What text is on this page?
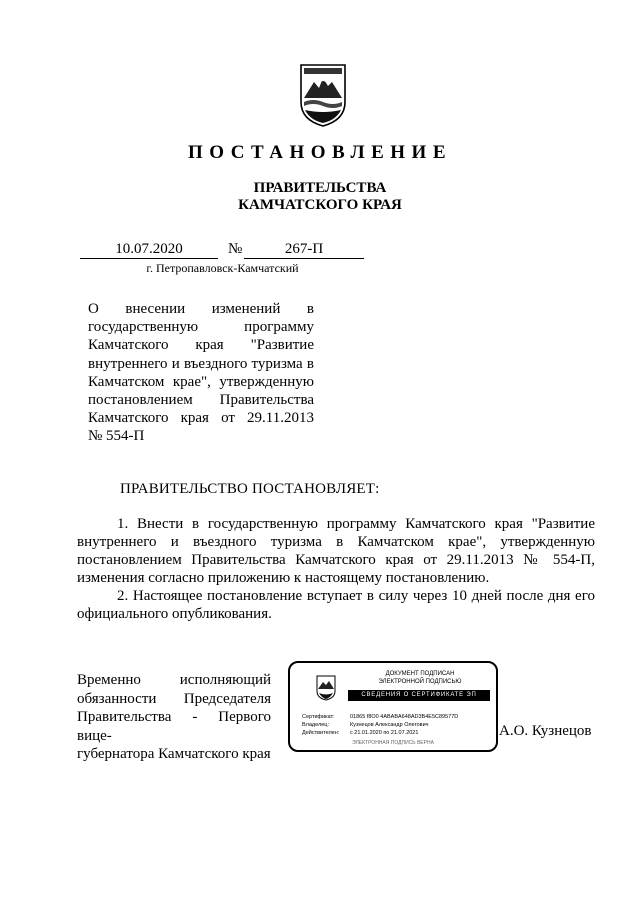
ПОСТАНОВЛЕНИЕ
ПРАВИТЕЛЬСТВА
КАМЧАТСКОГО КРАЯ
10.07.2020	№	267-П
г. Петропавловск-Камчатский
О внесении изменений в
государственную программу
Камчатского края "Развитие
внутреннего и въездного туризма в
Камчатском крае", утвержденную
постановлением Правительства
Камчатского края от 29.11.2013
№ 554-П
ПРАВИТЕЛЬСТВО ПОСТАНОВЛЯЕТ:

1. Внести в государственную программу Камчатского края "Развитие внутреннего и въездного туризма в Камчатском крае", утвержденную постановлением Правительства Камчатского края от 29.11.2013 № 554-П, изменения согласно приложению к настоящему постановлению.

2. Настоящее постановление вступает в силу через 10 дней после дня его официального опубликования.

Временно исполняющий
обязанности Председателя
Правительства - Первого вице-
губернатора Камчатского края
ДОКУМЕНТ ПОДПИСАН
ЭЛЕКТРОННОЙ ПОДПИСЬЮ
СВЕДЕНИЯ О СЕРТИФИКАТЕ ЭП
Сертификат:	01865 f8O0 4ABABA648AD3B4E5C89577D
Владелец:	Кузнецов Александр Олегович
Действителен: с 21.01.2020 по 21.07.2021
ЭЛЕКТРОННАЯ ПОДПИСЬ ВЕРНА
А.О. Кузнецов
